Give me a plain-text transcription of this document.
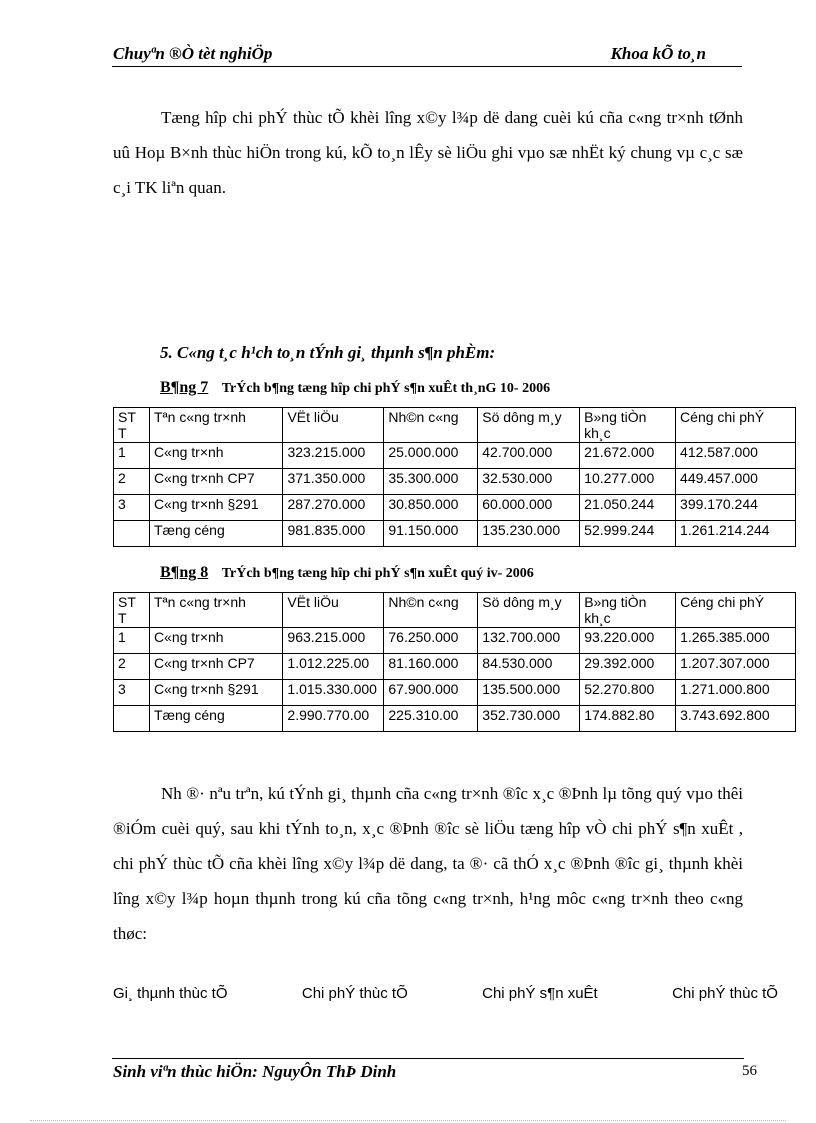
Chuyªn ®Ò tèt nghiÖp	Khoa kÕ to¸n

Tæng hîp chi phÝ thùc tÕ khèi lîng x©y l¾p dë dang cuèi kú cña c«ng tr×nh tØnh uû Hoµ B×nh thùc hiÖn trong kú, kÕ to¸n lÊy sè liÖu ghi vµo sæ nhËt ký chung vµ c¸c sæ c¸i TK liªn quan.

5. C«ng t¸c h¹ch to¸n tÝnh gi¸ thµnh s¶n phÈm:
B¶ng 7 TrÝch b¶ng tæng hîp chi phÝ s¶n xuÊt th¸nG 10- 2006
ST T	Tªn c«ng tr×nh	VËt liÖu	Nh©n c«ng	Sö dông m¸y	B»ng tiÒn kh¸c	Céng chi phÝ
1	C«ng tr×nh	323.215.000	25.000.000	42.700.000	21.672.000	412.587.000
2	C«ng tr×nh CP7	371.350.000	35.300.000	32.530.000	10.277.000	449.457.000
3	C«ng tr×nh §291	287.270.000	30.850.000	60.000.000	21.050.244	399.170.244
	Tæng céng	981.835.000	91.150.000	135.230.000	52.999.244	1.261.214.244
B¶ng 8 TrÝch b¶ng tæng hîp chi phÝ s¶n xuÊt quý iv- 2006
ST T	Tªn c«ng tr×nh	VËt liÖu	Nh©n c«ng	Sö dông m¸y	B»ng tiÒn kh¸c	Céng chi phÝ
1	C«ng tr×nh	963.215.000	76.250.000	132.700.000	93.220.000	1.265.385.000
2	C«ng tr×nh CP7	1.012.225.00	81.160.000	84.530.000	29.392.000	1.207.307.000
3	C«ng tr×nh §291	1.015.330.000	67.900.000	135.500.000	52.270.800	1.271.000.800
	Tæng céng	2.990.770.00	225.310.00	352.730.000	174.882.80	3.743.692.800

Nh ®· nªu trªn, kú tÝnh gi¸ thµnh cña c«ng tr×nh ®îc x¸c ®Þnh lµ tõng quý vµo thêi ®iÓm cuèi quý, sau khi tÝnh to¸n, x¸c ®Þnh ®îc sè liÖu tæng hîp vÒ chi phÝ s¶n xuÊt , chi phÝ thùc tÕ cña khèi lîng x©y l¾p dë dang, ta ®· cã thÓ x¸c ®Þnh ®îc gi¸ thµnh khèi lîng x©y l¾p hoµn thµnh trong kú cña tõng c«ng tr×nh, h¹ng môc c«ng tr×nh theo c«ng thøc:

Gi¸ thµnh thùc tÕ	Chi phÝ thùc tÕ	Chi phÝ s¶n xuÊt	Chi phÝ thùc tÕ
Sinh viªn thùc hiÖn: NguyÔn ThÞ Dinh	56
